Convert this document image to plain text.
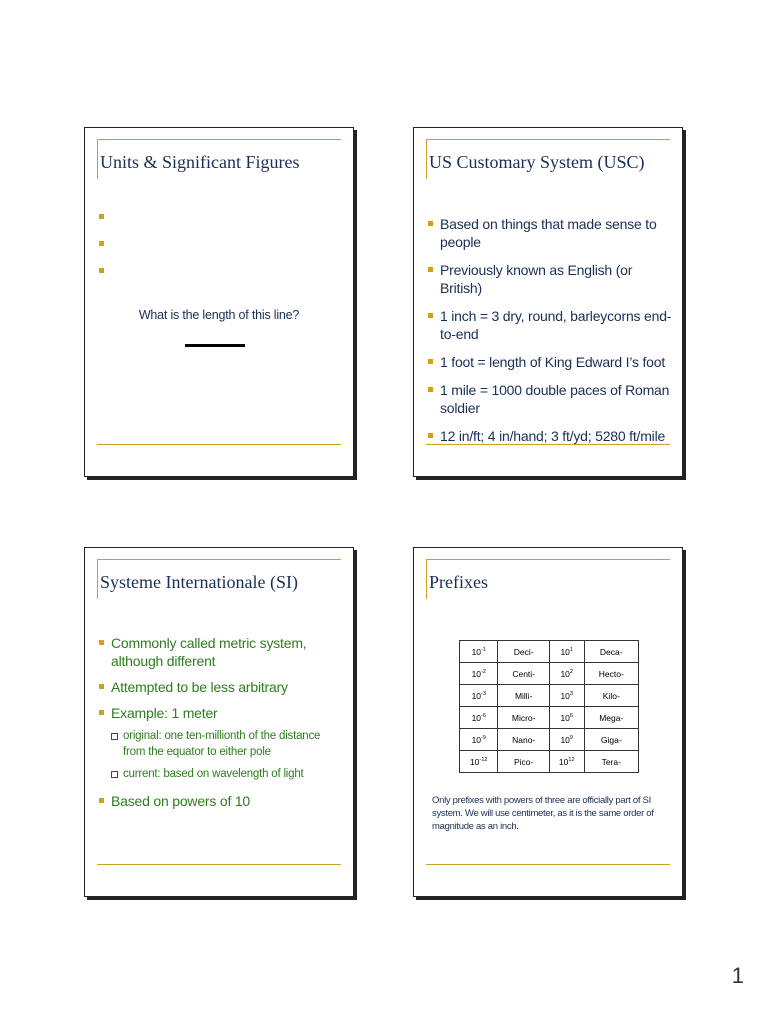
Units & Significant Figures
What is the length of this line?
US Customary System (USC)
Based on things that made sense to people
Previously known as English (or British)
1 inch = 3 dry, round, barleycorns end-to-end
1 foot = length of King Edward I’s foot
1 mile = 1000 double paces of Roman soldier
12 in/ft; 4 in/hand; 3 ft/yd; 5280 ft/mile
Systeme Internationale (SI)
Commonly called metric system, although different
Attempted to be less arbitrary
Example: 1 meter
original: one ten-millionth of the distance from the equator to either pole
current: based on wavelength of light
Based on powers of 10
Prefixes
$10^{-1}$	Deci-	$10^1$	Deca-
$10^{-2}$	Centi-	$10^2$	Hecto-
$10^{-3}$	Milli-	$10^3$	Kilo-
$10^{-6}$	Micro-	$10^6$	Mega-
$10^{-9}$	Nano-	$10^9$	Giga-
$10^{-12}$	Pico-	$10^{12}$	Tera-
Only prefixes with powers of three are officially part of SI system. We will use centimeter, as it is the same order of magnitude as an inch.
1
